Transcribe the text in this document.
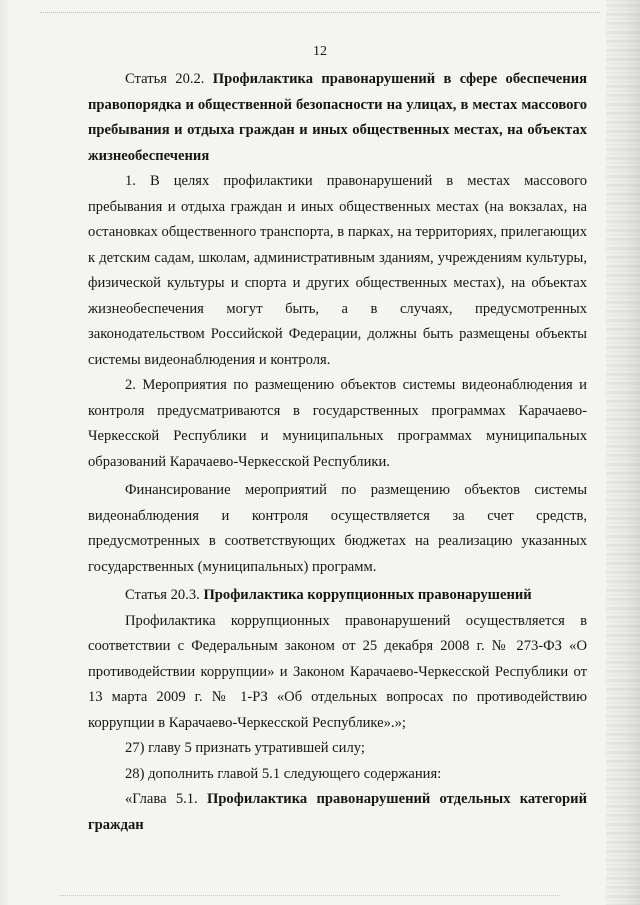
12

Статья 20.2. Профилактика правонарушений в сфере обеспечения правопорядка и общественной безопасности на улицах, в местах массового пребывания и отдыха граждан и иных общественных местах, на объектах жизнеобеспечения

1. В целях профилактики правонарушений в местах массового пребывания и отдыха граждан и иных общественных местах (на вокзалах, на остановках общественного транспорта, в парках, на территориях, прилегающих к детским садам, школам, административным зданиям, учреждениям культуры, физической культуры и спорта и других общественных местах), на объектах жизнеобеспечения могут быть, а в случаях, предусмотренных законодательством Российской Федерации, должны быть размещены объекты системы видеонаблюдения и контроля.

2. Мероприятия по размещению объектов системы видеонаблюдения и контроля предусматриваются в государственных программах Карачаево-Черкесской Республики и муниципальных программах муниципальных образований Карачаево-Черкесской Республики.

Финансирование мероприятий по размещению объектов системы видеонаблюдения и контроля осуществляется за счет средств, предусмотренных в соответствующих бюджетах на реализацию указанных государственных (муниципальных) программ.

Статья 20.3. Профилактика коррупционных правонарушений

Профилактика коррупционных правонарушений осуществляется в соответствии с Федеральным законом от 25 декабря 2008 г. № 273-ФЗ «О противодействии коррупции» и Законом Карачаево-Черкесской Республики от 13 марта 2009 г. № 1-РЗ «Об отдельных вопросах по противодействию коррупции в Карачаево-Черкесской Республике».»;

27) главу 5 признать утратившей силу;

28) дополнить главой 5.1 следующего содержания:

«Глава 5.1. Профилактика правонарушений отдельных категорий граждан
